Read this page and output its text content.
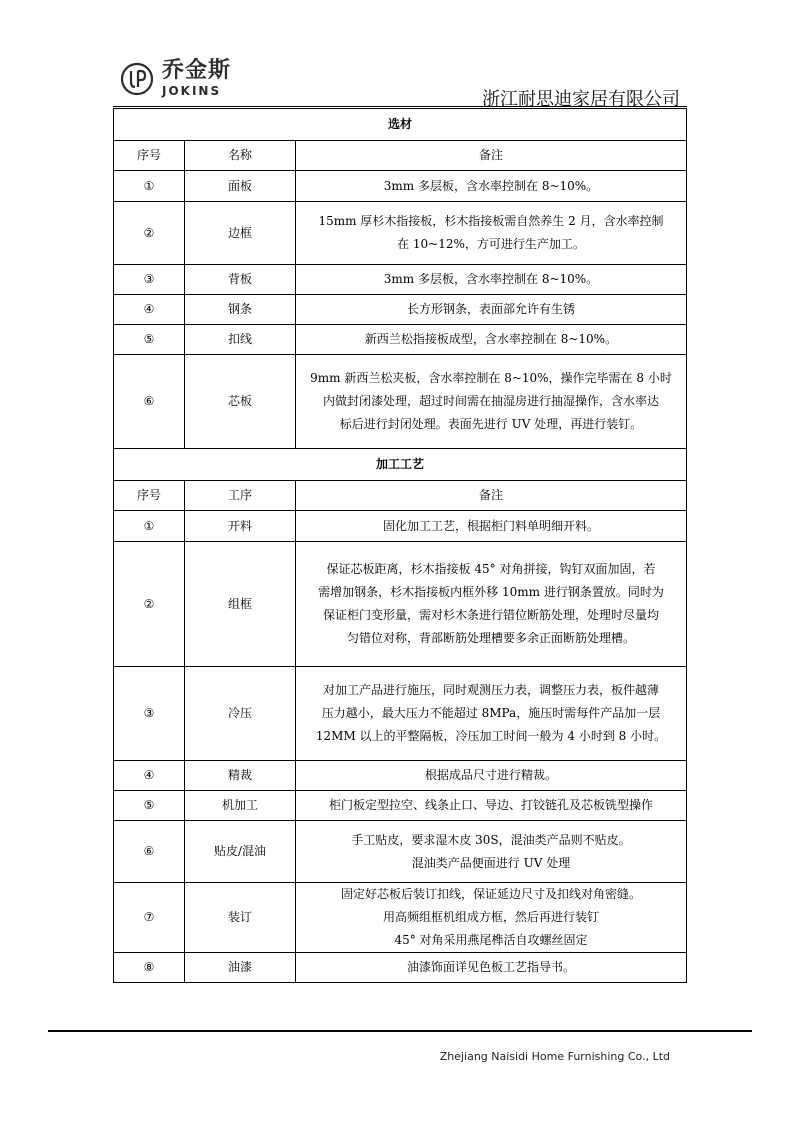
乔金斯
JOKINS	浙江耐思迪家居有限公司
选材		
序号	名称	备注
①	面板	3mm 多层板，含水率控制在 8~10%。

②	边框	15mm 厚杉木指接板，杉木指接板需自然养生 2 月，含水率控制
在 10~12%，方可进行生产加工。

③	背板	3mm 多层板，含水率控制在 8~10%。

④	钢条	长方形钢条，表面部允许有生锈

⑤	扣线	新西兰松指接板成型，含水率控制在 8~10%。

⑥	芯板	9mm 新西兰松夹板，含水率控制在 8~10%，操作完毕需在 8 小时
内做封闭漆处理，超过时间需在抽湿房进行抽湿操作，含水率达
标后进行封闭处理。表面先进行 UV 处理，再进行装钉。

加工工艺		
序号	工序	备注
①	开料	固化加工工艺，根据柜门料单明细开料。

②	组框	保证芯板距离，杉木指接板 45° 对角拼接，钩钉双面加固，若
需增加钢条，杉木指接板内框外移 10mm 进行钢条置放。同时为
保证柜门变形量，需对杉木条进行错位断筋处理，处理时尽量均
匀错位对称，背部断筋处理槽要多余正面断筋处理槽。

③	冷压	对加工产品进行施压，同时观测压力表，调整压力表，板件越薄
压力越小，最大压力不能超过 8MPa，施压时需每件产品加一层
12MM 以上的平整隔板，冷压加工时间一般为 4 小时到 8 小时。

④	精裁	根据成品尺寸进行精裁。

⑤	机加工	柜门板定型拉空、线条止口、导边、打铰链孔及芯板铣型操作

⑥	贴皮/混油	手工贴皮，要求湿木皮 30S，混油类产品则不贴皮。
混油类产品便面进行 UV 处理

⑦	装订	固定好芯板后装订扣线，保证延边尺寸及扣线对角密缝。
用高频组框机组成方框，然后再进行装钉
45° 对角采用燕尾榫活自攻螺丝固定

⑧	油漆	油漆饰面详见色板工艺指导书。
Zhejiang Naisidi Home Furnishing Co., Ltd
